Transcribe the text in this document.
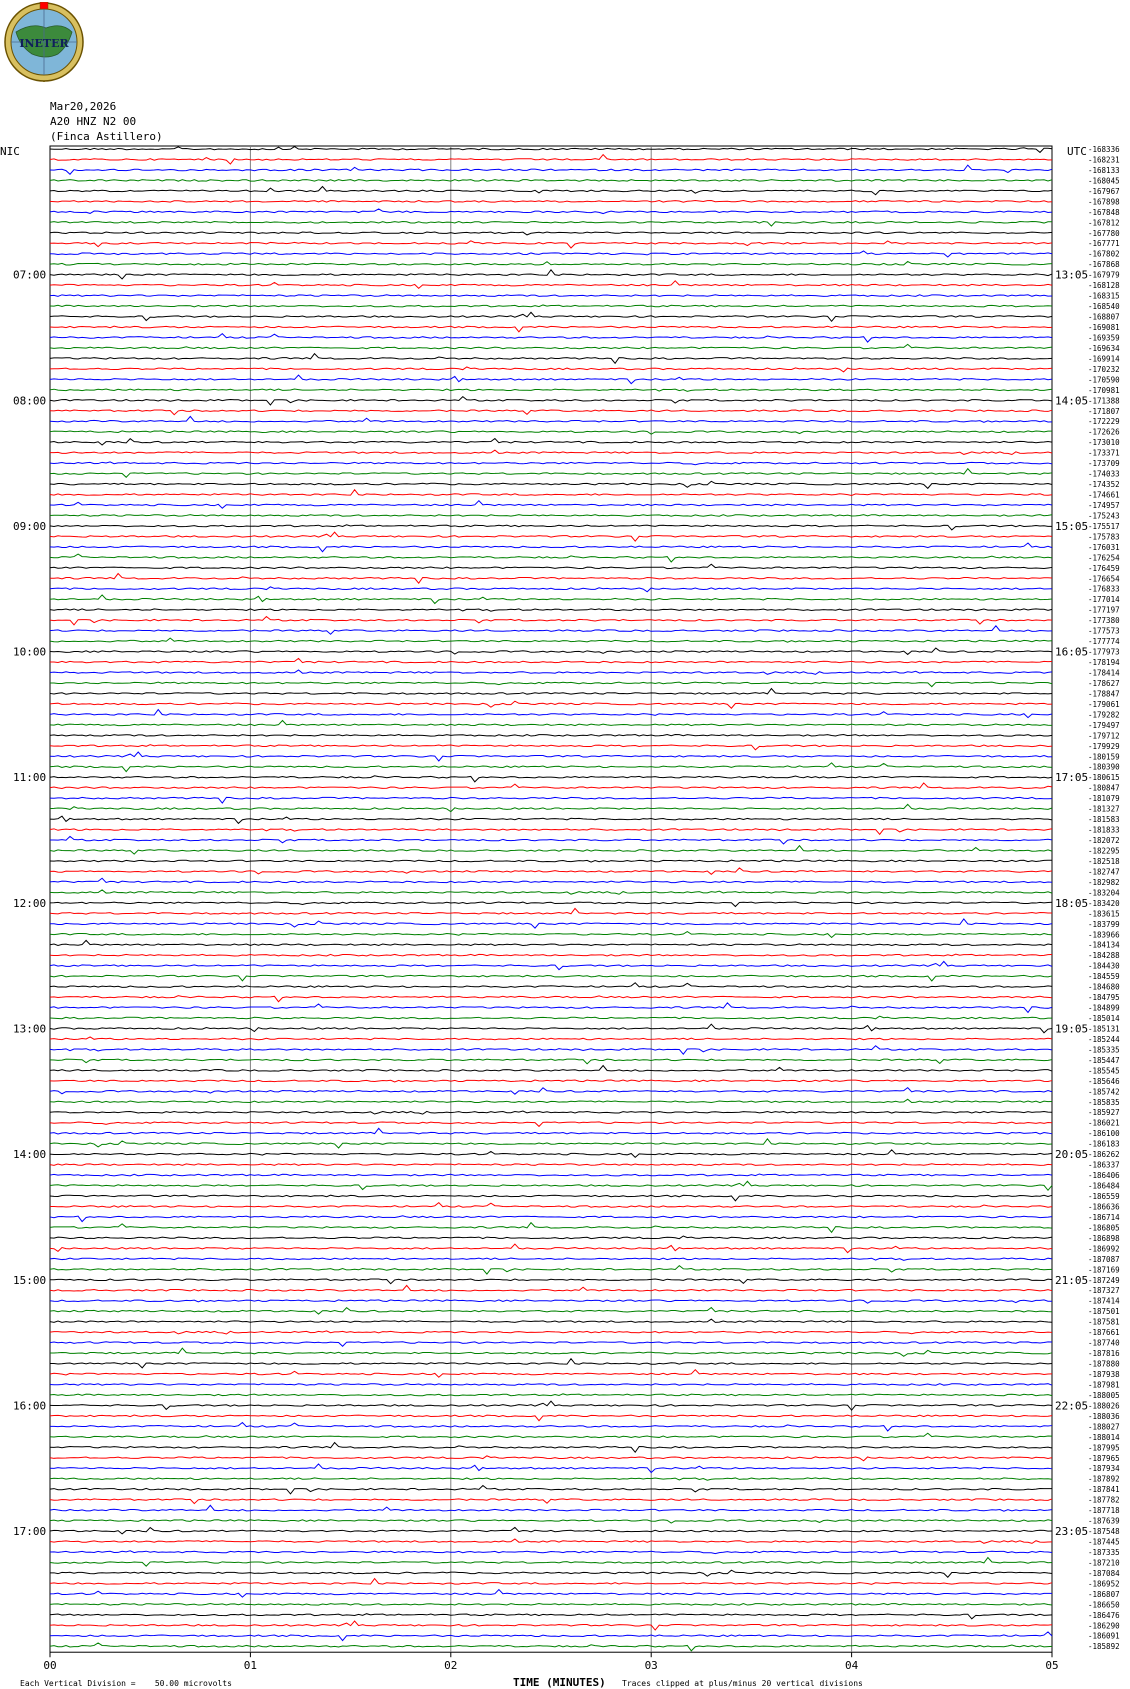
INETER
Mar20,2026
A20 HNZ N2 00
(Finca Astillero)
NIC	UTC
00	01	02	03	04	05
-168336
-168231
-168133
-168045
-167967
-167898
-167848
-167812
-167780
-167771
-167802
-167868
-167979
-168128
-168315
-168540
-168807
-169081
-169359
-169634
-169914
-170232
-170590
-170981
-171388
-171807
-172229
-172626
-173010
-173371
-173709
-174033
-174352
-174661
-174957
-175243
-175517
-175783
-176031
-176254
-176459
-176654
-176833
-177014
-177197
-177380
-177573
-177774
-177973
-178194
-178414
-178627
-178847
-179061
-179282
-179497
-179712
-179929
-180159
-180390
-180615
-180847
-181079
-181327
-181583
-181833
-182072
-182295
-182518
-182747
-182982
-183204
-183420
-183615
-183799
-183966
-184134
-184288
-184430
-184559
-184680
-184795
-184899
-185014
-185131
-185244
-185335
-185447
-185545
-185646
-185742
-185835
-185927
-186021
-186100
-186183
-186262
-186337
-186406
-186484
-186559
-186636
-186714
-186805
-186898
-186992
-187087
-187169
-187249
-187327
-187414
-187501
-187581
-187661
-187740
-187816
-187880
-187938
-187981
-188005
-188026
-188036
-188027
-188014
-187995
-187965
-187934
-187892
-187841
-187782
-187718
-187639
-187548
-187445
-187335
-187210
-187084
-186952
-186807
-186650
-186476
-186290
-186091
-185892
07:00
08:00
09:00
10:00
11:00
12:00
13:00
14:00
15:00
16:00
17:00
13:05
14:05
15:05
16:05
17:05
18:05
19:05
20:05
21:05
22:05
23:05
TIME (MINUTES)
Each Vertical Division =    50.00 microvolts	Traces clipped at plus/minus 20 vertical divisions
